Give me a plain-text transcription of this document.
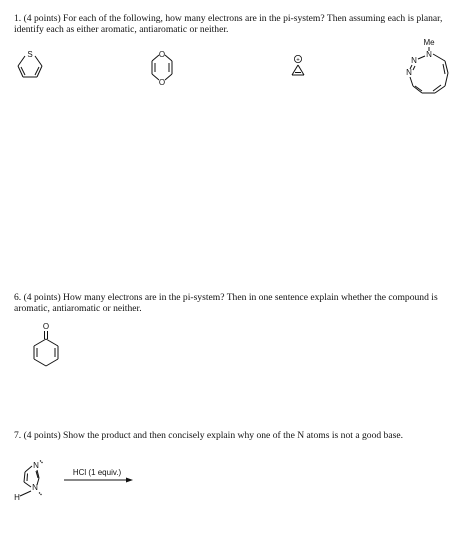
1. (4 points) For each of the following, how many electrons are in the pi-system? Then assuming each is planar, identify each as either aromatic, antiaromatic or neither.
S	O
O
+
Me
N
N
N
6. (4 points) How many electrons are in the pi-system? Then in one sentence explain whether the compound is aromatic, antiaromatic or neither.
O
7. (4 points) Show the product and then concisely explain why one of the N atoms is not a good base.
N
N
H
HCl (1 equiv.)
